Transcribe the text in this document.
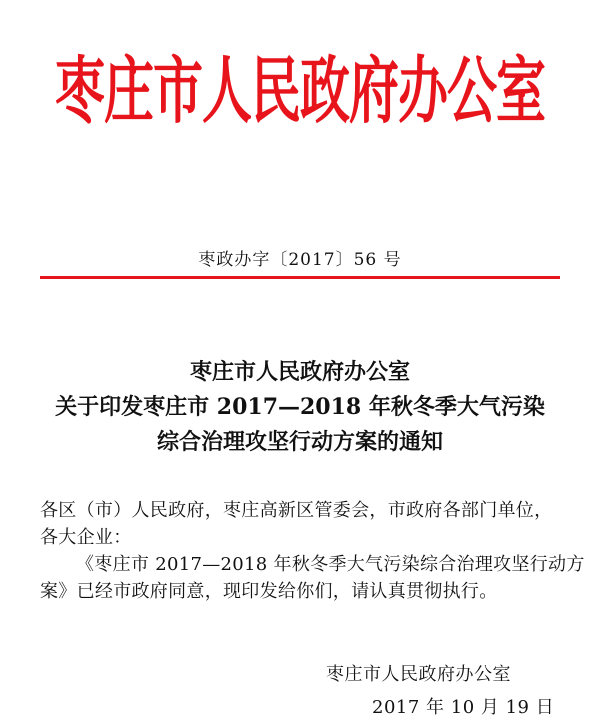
枣庄市人民政府办公室
枣政办字〔2017〕56 号
枣庄市人民政府办公室
关于印发枣庄市 2017—2018 年秋冬季大气污染
综合治理攻坚行动方案的通知
各区（市）人民政府，枣庄高新区管委会，市政府各部门单位，
各大企业：
《枣庄市 2017—2018 年秋冬季大气污染综合治理攻坚行动方
案》已经市政府同意，现印发给你们，请认真贯彻执行。
枣庄市人民政府办公室
2017 年 10 月 19 日
